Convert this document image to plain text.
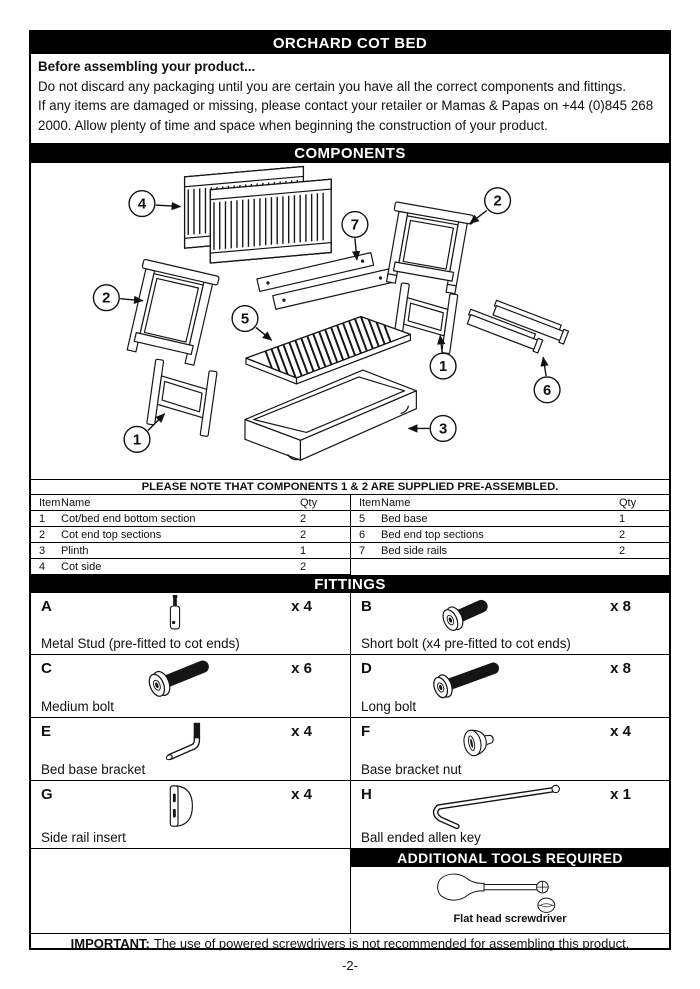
ORCHARD COT BED

Before assembling your product...

Do not discard any packaging until you are certain you have all the correct components and fittings.

If any items are damaged or missing, please contact your retailer or Mamas & Papas on +44 (0)845 268 2000. Allow plenty of time and space when beginning the construction of your product.

COMPONENTS
4	2
7
2
5
1
6
3
1
PLEASE NOTE THAT COMPONENTS 1 & 2 ARE SUPPLIED PRE-ASSEMBLED.
Item Name	Qty
1	Cot/bed end bottom section	2
2	Cot end top sections	2
3	Plinth	1
4	Cot side	2
Item Name	Qty
5	Bed base	1
6	Bed end top sections	2
7	Bed side rails	2
FITTINGS
A	x 4
Metal Stud (pre-fitted to cot ends)
B	x 8
Short bolt (x4 pre-fitted to cot ends)
C	x 6
Medium bolt
D	x 8
Long bolt
E	x 4
Bed base bracket
F	x 4
Base bracket nut
G	x 4
Side rail insert
H	x 1
Ball ended allen key
ADDITIONAL TOOLS REQUIRED
Flat head screwdriver
IMPORTANT: The use of powered screwdrivers is not recommended for assembling this product.
-2-
